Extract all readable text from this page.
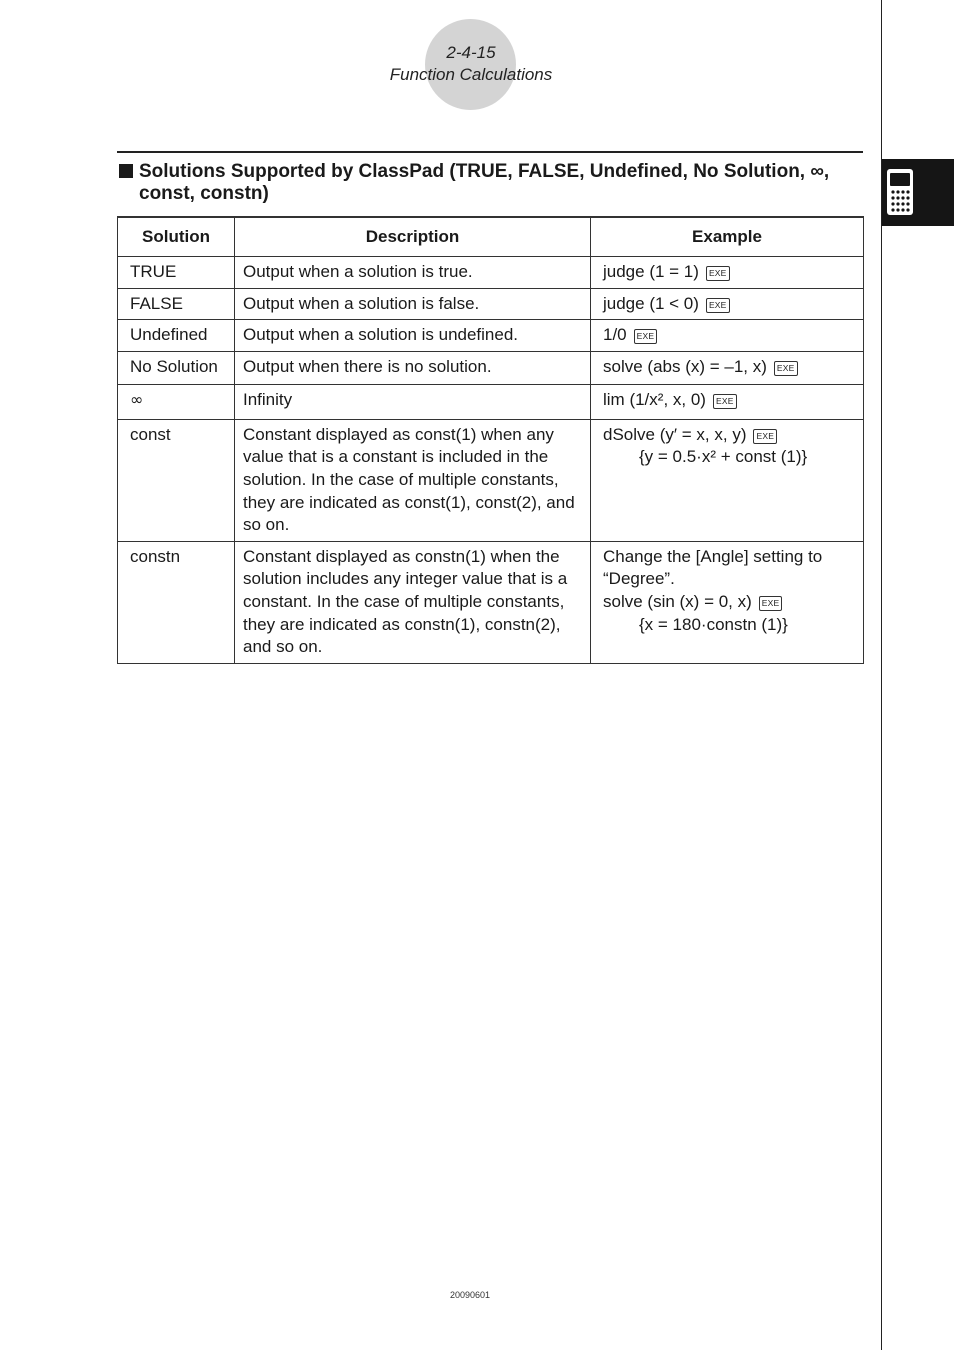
2-4-15
Function Calculations
Solutions Supported by ClassPad (TRUE, FALSE, Undefined, No Solution, ∞, const, constn)
Solution	Description	Example
TRUE	Output when a solution is true.	judge (1 = 1) EXE
FALSE	Output when a solution is false.	judge (1 < 0) EXE
Undefined	Output when a solution is undefined.	1/0 EXE
No Solution	Output when there is no solution.	solve (abs (x) = –1, x) EXE
∞	Infinity	lim (1/x², x, 0) EXE
const	Constant displayed as const(1) when any value that is a constant is included in the solution. In the case of multiple constants, they are indicated as const(1), const(2), and so on.	dSolve (y′ = x, x, y) EXE
{y = 0.5·x² + const (1)}

constn	Constant displayed as constn(1) when the solution includes any integer value that is a constant. In the case of multiple constants, they are indicated as constn(1), constn(2), and so on.	Change the [Angle] setting to “Degree”.
solve (sin (x) = 0, x) EXE
{x = 180·constn (1)}
20090601
